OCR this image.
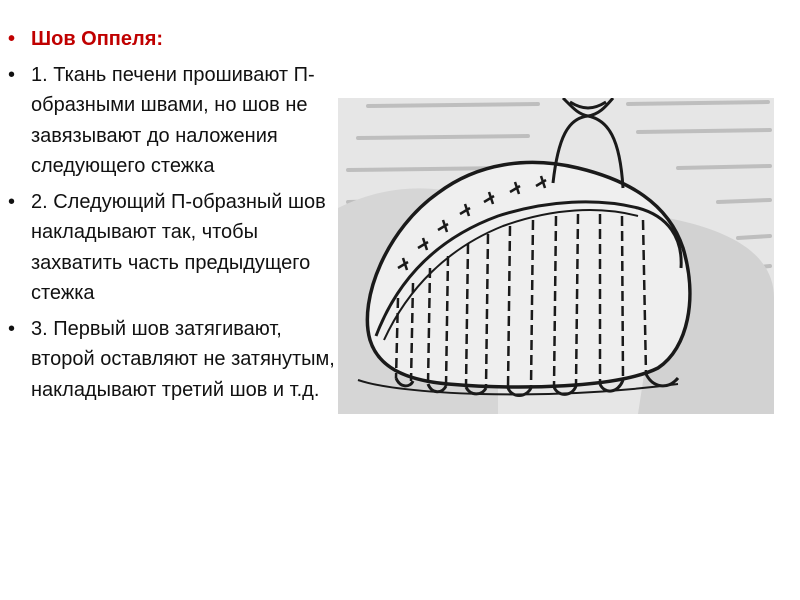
• Шов Оппеля:
• 1. Ткань печени прошивают П-образными швами, но шов не завязывают до наложения следующего стежка
• 2. Следующий П-образный шов накладывают так, чтобы захватить часть предыдущего стежка
• 3. Первый шов затягивают, второй оставляют не затянутым, накладывают третий шов и т.д.
